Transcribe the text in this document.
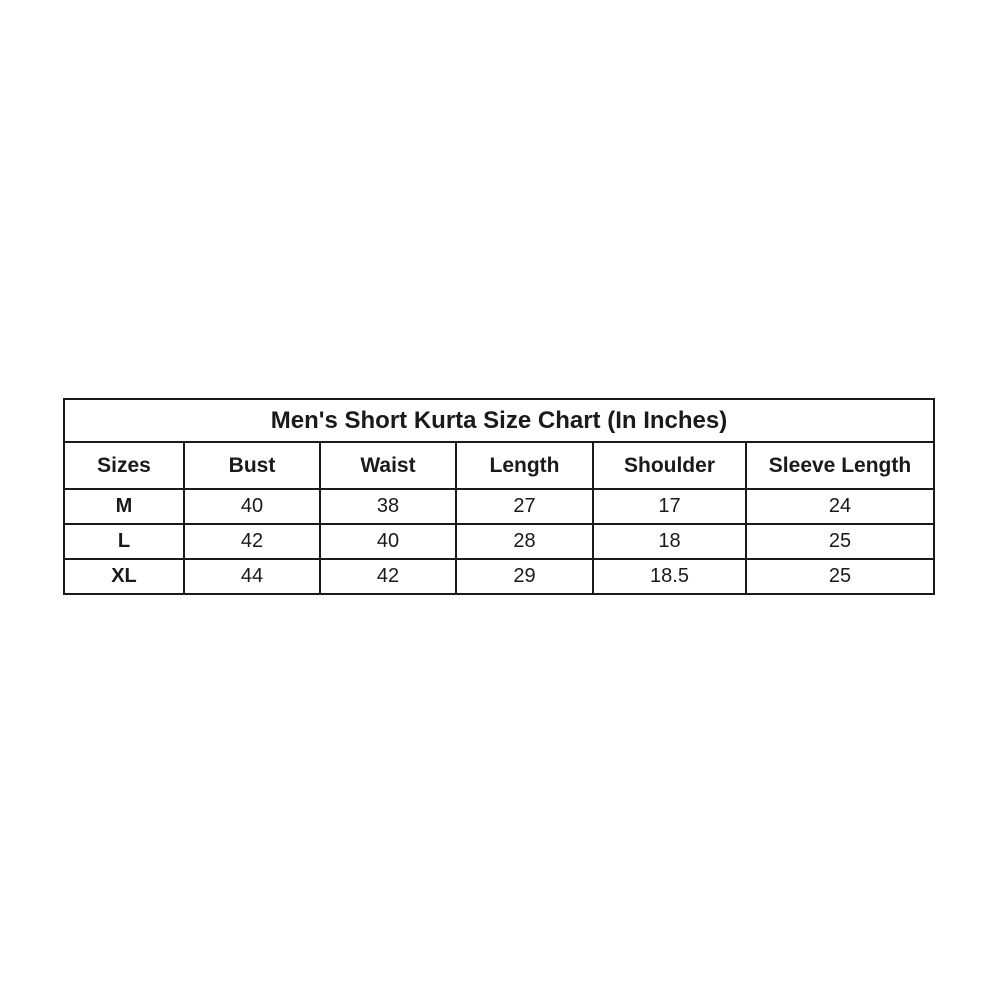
Men's Short Kurta Size Chart (In Inches)					
Sizes	Bust	Waist	Length	Shoulder	Sleeve Length
M	40	38	27	17	24
L	42	40	28	18	25
XL	44	42	29	18.5	25
